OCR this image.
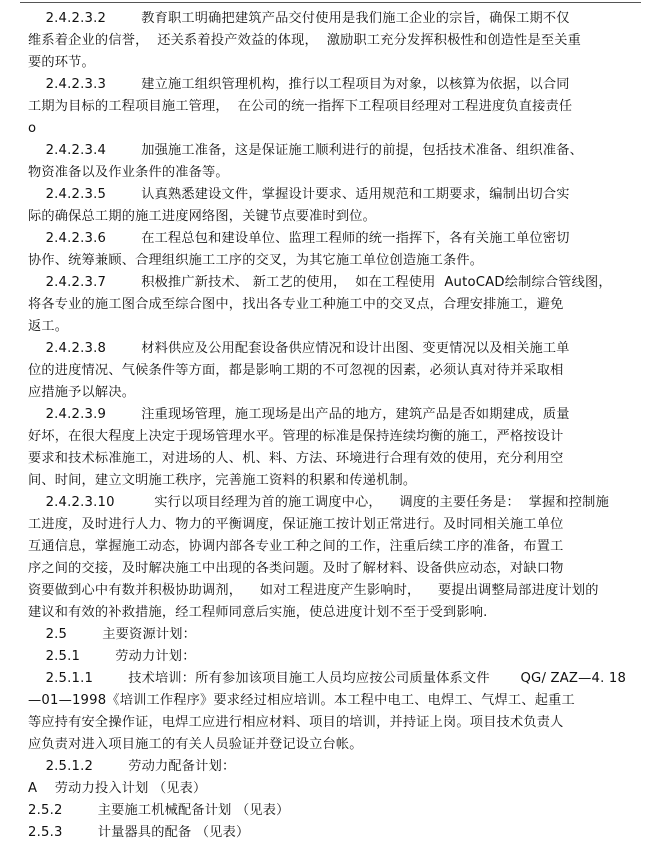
2.4.2.3.2        教育职工明确把建筑产品交付使用是我们施工企业的宗旨，确保工期不仅
维系着企业的信誉，  还关系着投产效益的体现，  激励职工充分发挥积极性和创造性是至关重
要的环节。
2.4.2.3.3        建立施工组织管理机构，推行以工程项目为对象，以核算为依据，以合同
工期为目标的工程项目施工管理，  在公司的统一指挥下工程项目经理对工程进度负直接责任
o
2.4.2.3.4        加强施工准备，这是保证施工顺利进行的前提，包括技术准备、组织准备、
物资准备以及作业条件的准备等。
2.4.2.3.5        认真熟悉建设文件，掌握设计要求、适用规范和工期要求，编制出切合实
际的确保总工期的施工进度网络图，关键节点要准时到位。
2.4.2.3.6        在工程总包和建设单位、监理工程师的统一指挥下，各有关施工单位密切
协作、统筹兼顾、合理组织施工工序的交叉，为其它施工单位创造施工条件。
2.4.2.3.7        积极推广新技术、 新工艺的使用，  如在工程使用  AutoCAD绘制综合管线图，
将各专业的施工图合成至综合图中，找出各专业工种施工中的交叉点，合理安排施工，避免
返工。
2.4.2.3.8        材料供应及公用配套设备供应情况和设计出图、变更情况以及相关施工单
位的进度情况、气候条件等方面，都是影响工期的不可忽视的因素，必须认真对待并采取相
应措施予以解决。
2.4.2.3.9        注重现场管理，施工现场是出产品的地方，建筑产品是否如期建成，质量
好坏，在很大程度上决定于现场管理水平。管理的标准是保持连续均衡的施工，严格按设计
要求和技术标准施工，对进场的人、机、料、方法、环境进行合理有效的使用，充分利用空
间、时间，建立文明施工秩序，完善施工资料的积累和传递机制。
2.4.2.3.10         实行以项目经理为首的施工调度中心，    调度的主要任务是：  掌握和控制施
工进度，及时进行人力、物力的平衡调度，保证施工按计划正常进行。及时同相关施工单位
互通信息，掌握施工动态，协调内部各专业工种之间的工作，注重后续工序的准备，布置工
序之间的交接，及时解决施工中出现的各类问题。及时了解材料、设备供应动态，对缺口物
资要做到心中有数并积极协助调剂，    如对工程进度产生影响时，    要提出调整局部进度计划的
建议和有效的补救措施，经工程师同意后实施，使总进度计划不至于受到影响.
2.5        主要资源计划：
2.5.1        劳动力计划：
2.5.1.1        技术培训：所有参加该项目施工人员均应按公司质量体系文件       QG/ ZAZ—4. 18
—01—1998《培训工作程序》要求经过相应培训。本工程中电工、电焊工、气焊工、起重工
等应持有安全操作证，电焊工应进行相应材料、项目的培训，并持证上岗。项目技术负责人
应负责对进入项目施工的有关人员验证并登记设立台帐。
2.5.1.2        劳动力配备计划：
A    劳动力投入计划 （见表）
2.5.2        主要施工机械配备计划 （见表）
2.5.3        计量器具的配备 （见表）
